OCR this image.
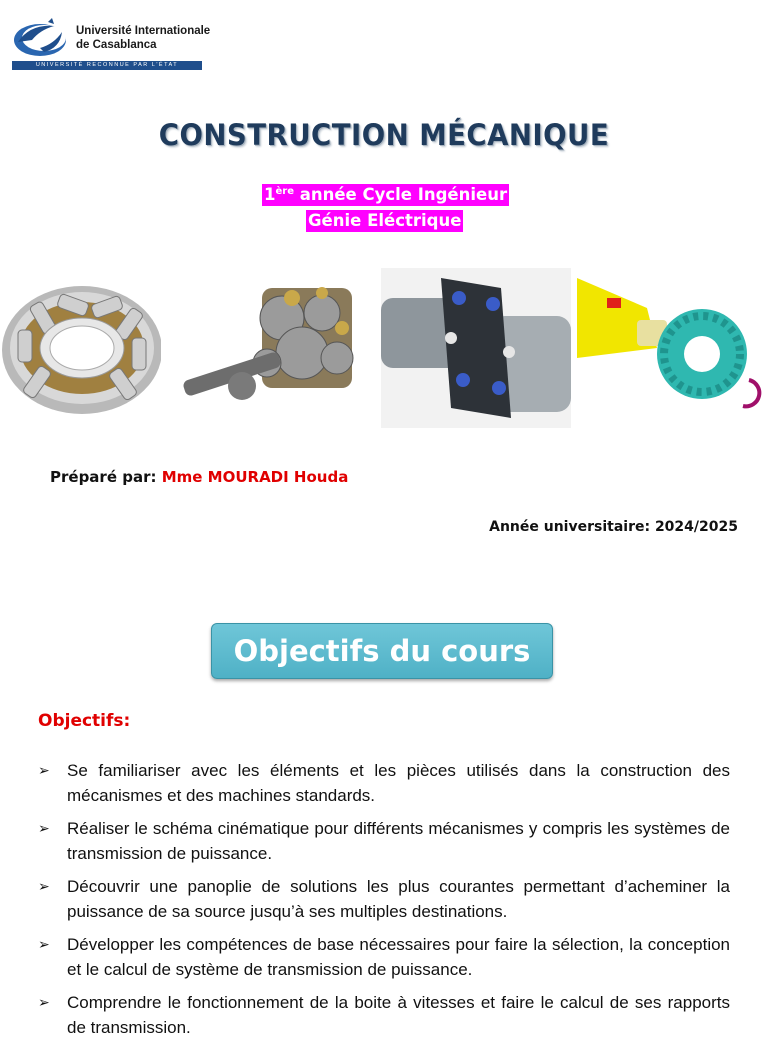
Université Internationale
de Casablanca
UNIVERSITÉ RECONNUE PAR L'ÉTAT
CONSTRUCTION MÉCANIQUE
1ère année Cycle Ingénieur
Génie Eléctrique
Préparé par: Mme MOURADI Houda
Année universitaire: 2024/2025
Objectifs du cours
Objectifs:
➢ Se familiariser avec les éléments et les pièces utilisés dans la construction des mécanismes et des machines standards.
➢ Réaliser le schéma cinématique pour différents mécanismes y compris les systèmes de transmission de puissance.
➢ Découvrir une panoplie de solutions les plus courantes permettant d’acheminer la puissance de sa source jusqu’à ses multiples destinations.
➢ Développer les compétences de base nécessaires pour faire la sélection, la conception et le calcul de système de transmission de puissance.
➢ Comprendre le fonctionnement de la boite à vitesses et faire le calcul de ses rapports de transmission.
